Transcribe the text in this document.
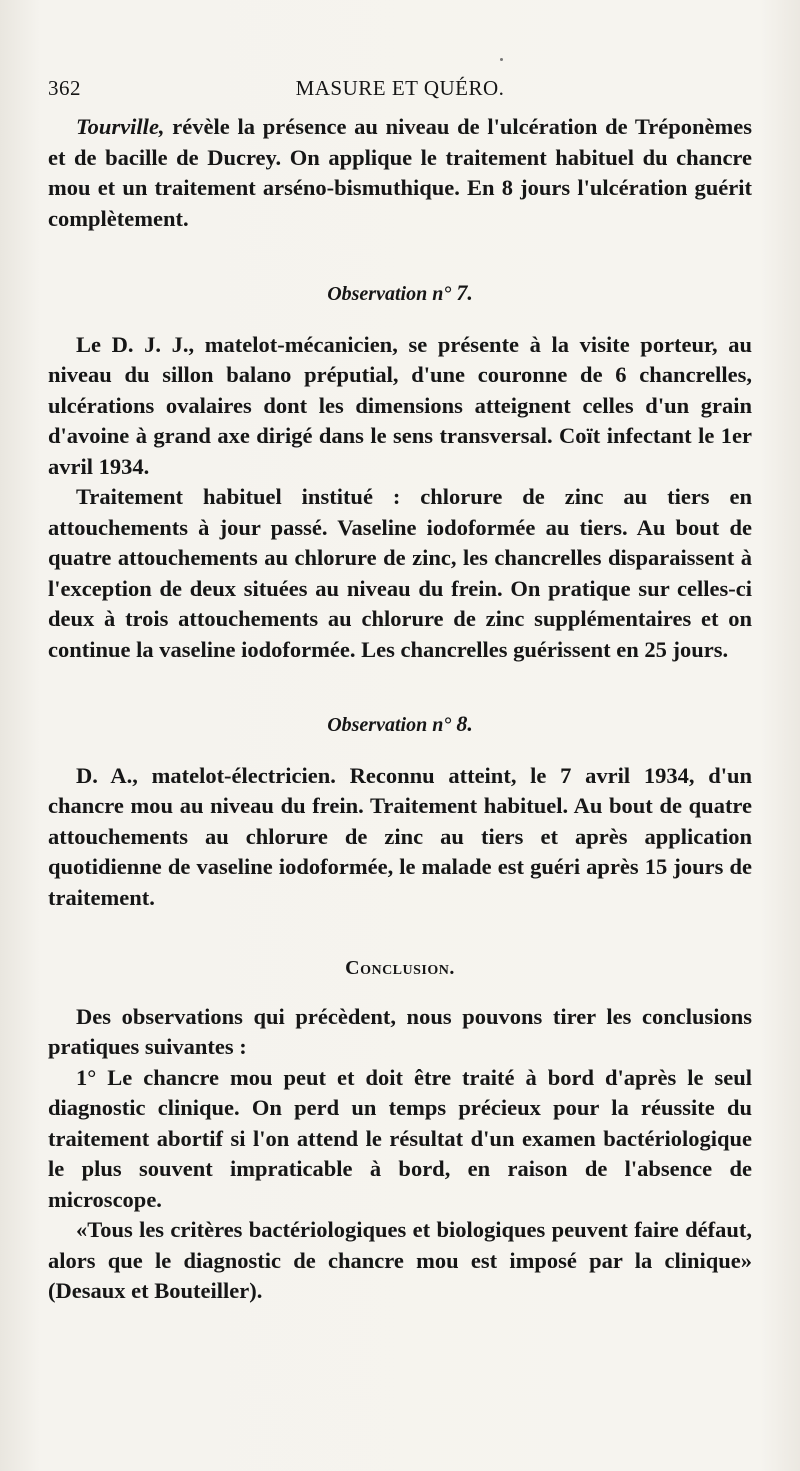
362	MASURE ET QUÉRO.

Tourville, révèle la présence au niveau de l'ulcération de Tréponèmes et de bacille de Ducrey. On applique le traitement habituel du chancre mou et un traitement arséno-bismuthique. En 8 jours l'ulcération guérit complètement.

Observation n° 7.

Le D. J. J., matelot-mécanicien, se présente à la visite porteur, au niveau du sillon balano préputial, d'une couronne de 6 chancrelles, ulcérations ovalaires dont les dimensions atteignent celles d'un grain d'avoine à grand axe dirigé dans le sens transversal. Coït infectant le 1er avril 1934.

Traitement habituel institué : chlorure de zinc au tiers en attouchements à jour passé. Vaseline iodoformée au tiers. Au bout de quatre attouchements au chlorure de zinc, les chancrelles disparaissent à l'exception de deux situées au niveau du frein. On pratique sur celles-ci deux à trois attouchements au chlorure de zinc supplémentaires et on continue la vaseline iodoformée. Les chancrelles guérissent en 25 jours.

Observation n° 8.

D. A., matelot-électricien. Reconnu atteint, le 7 avril 1934, d'un chancre mou au niveau du frein. Traitement habituel. Au bout de quatre attouchements au chlorure de zinc au tiers et après application quotidienne de vaseline iodoformée, le malade est guéri après 15 jours de traitement.

Conclusion.

Des observations qui précèdent, nous pouvons tirer les conclusions pratiques suivantes :

1° Le chancre mou peut et doit être traité à bord d'après le seul diagnostic clinique. On perd un temps précieux pour la réussite du traitement abortif si l'on attend le résultat d'un examen bactériologique le plus souvent impraticable à bord, en raison de l'absence de microscope.

«Tous les critères bactériologiques et biologiques peuvent faire défaut, alors que le diagnostic de chancre mou est imposé par la clinique» (Desaux et Bouteiller).
